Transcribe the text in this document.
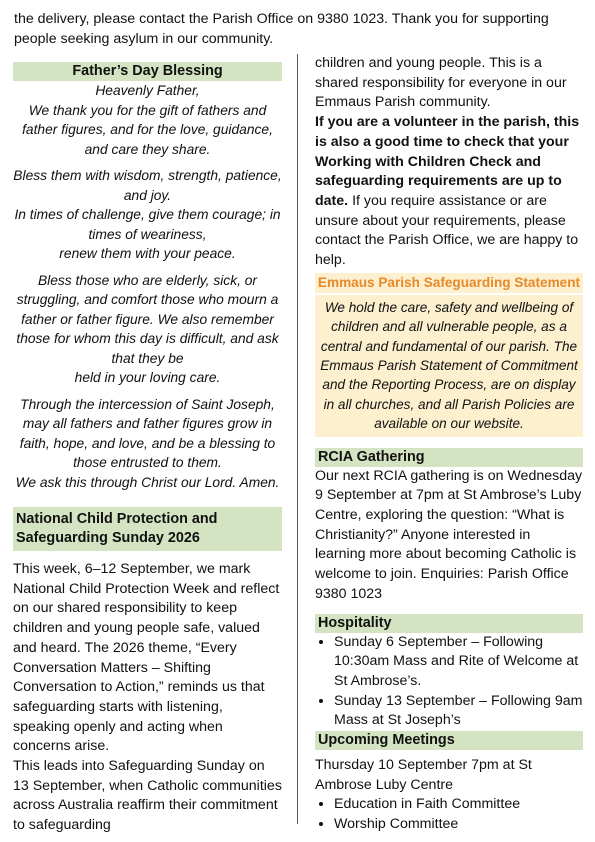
the delivery, please contact the Parish Office on 9380 1023. Thank you for supporting people seeking asylum in our community.
Father’s Day Blessing

Heavenly Father,
We thank you for the gift of fathers and father figures, and for the love, guidance, and care they share.

Bless them with wisdom, strength, patience, and joy.
In times of challenge, give them courage; in times of weariness,
renew them with your peace.

Bless those who are elderly, sick, or struggling, and comfort those who mourn a father or father figure. We also remember those for whom this day is difficult, and ask that they be
held in your loving care.

Through the intercession of Saint Joseph, may all fathers and father figures grow in faith, hope, and love, and be a blessing to those entrusted to them.
We ask this through Christ our Lord. Amen.

National Child Protection and Safeguarding Sunday 2026

This week, 6–12 September, we mark National Child Protection Week and reflect on our shared responsibility to keep children and young people safe, valued and heard. The 2026 theme, “Every Conversation Matters – Shifting Conversation to Action,” reminds us that safeguarding starts with listening, speaking openly and acting when concerns arise.

This leads into Safeguarding Sunday on 13 September, when Catholic communities across Australia reaffirm their commitment to safeguarding

children and young people. This is a shared responsibility for everyone in our Emmaus Parish community.

If you are a volunteer in the parish, this is also a good time to check that your Working with Children Check and safeguarding requirements are up to date. If you require assistance or are unsure about your requirements, please contact the Parish Office, we are happy to help.

Emmaus Parish Safeguarding Statement
We hold the care, safety and wellbeing of children and all vulnerable people, as a central and fundamental of our parish. The Emmaus Parish Statement of Commitment and the Reporting Process, are on display in all churches, and all Parish Policies are available on our website.
RCIA Gathering
Our next RCIA gathering is on Wednesday 9 September at 7pm at St Ambrose’s Luby Centre, exploring the question: “What is Christianity?” Anyone interested in learning more about becoming Catholic is welcome to join. Enquiries: Parish Office 9380 1023
Hospitality
• Sunday 6 September – Following 10:30am Mass and Rite of Welcome at St Ambrose’s.
• Sunday 13 September – Following 9am Mass at St Joseph’s
Upcoming Meetings
Thursday 10 September 7pm at St Ambrose Luby Centre
• Education in Faith Committee
• Worship Committee
